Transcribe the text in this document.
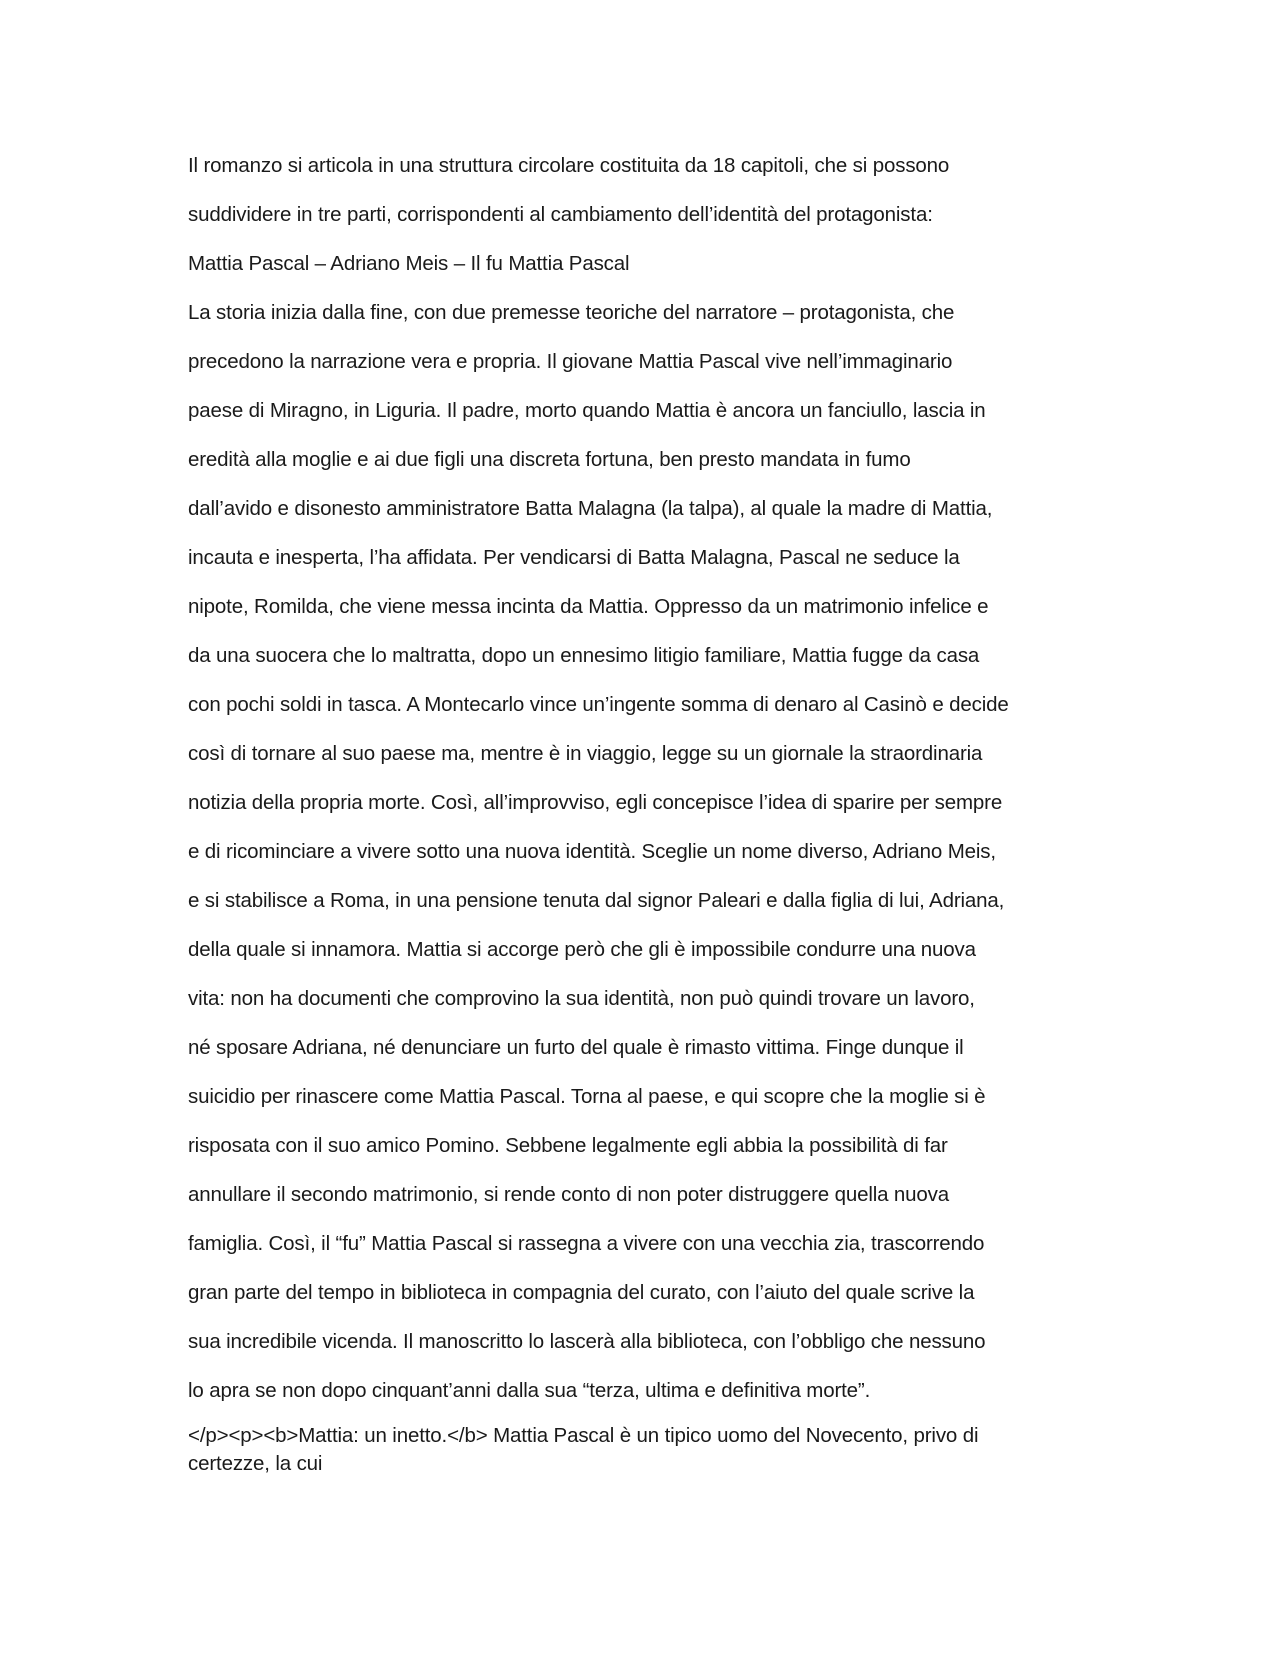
Il romanzo si articola in una struttura circolare costituita da 18 capitoli, che si possono
suddividere in tre parti, corrispondenti al cambiamento dell’identità del protagonista:
Mattia Pascal – Adriano Meis – Il fu Mattia Pascal
La storia inizia dalla fine, con due premesse teoriche del narratore – protagonista, che
precedono la narrazione vera e propria. Il giovane Mattia Pascal vive nell’immaginario
paese di Miragno, in Liguria. Il padre, morto quando Mattia è ancora un fanciullo, lascia in
eredità alla moglie e ai due figli una discreta fortuna, ben presto mandata in fumo
dall’avido e disonesto amministratore Batta Malagna (la talpa), al quale la madre di Mattia,
incauta e inesperta, l’ha affidata. Per vendicarsi di Batta Malagna, Pascal ne seduce la
nipote, Romilda, che viene messa incinta da Mattia. Oppresso da un matrimonio infelice e
da una suocera che lo maltratta, dopo un ennesimo litigio familiare, Mattia fugge da casa
con pochi soldi in tasca. A Montecarlo vince un’ingente somma di denaro al Casinò e decide
così di tornare al suo paese ma, mentre è in viaggio, legge su un giornale la straordinaria
notizia della propria morte. Così, all’improvviso, egli concepisce l’idea di sparire per sempre
e di ricominciare a vivere sotto una nuova identità. Sceglie un nome diverso, Adriano Meis,
e si stabilisce a Roma, in una pensione tenuta dal signor Paleari e dalla figlia di lui, Adriana,
della quale si innamora. Mattia si accorge però che gli è impossibile condurre una nuova
vita: non ha documenti che comprovino la sua identità, non può quindi trovare un lavoro,
né sposare Adriana, né denunciare un furto del quale è rimasto vittima. Finge dunque il
suicidio per rinascere come Mattia Pascal. Torna al paese, e qui scopre che la moglie si è
risposata con il suo amico Pomino. Sebbene legalmente egli abbia la possibilità di far
annullare il secondo matrimonio, si rende conto di non poter distruggere quella nuova
famiglia. Così, il “fu” Mattia Pascal si rassegna a vivere con una vecchia zia, trascorrendo
gran parte del tempo in biblioteca in compagnia del curato, con l’aiuto del quale scrive la
sua incredibile vicenda. Il manoscritto lo lascerà alla biblioteca, con l’obbligo che nessuno
lo apra se non dopo cinquant’anni dalla sua “terza, ultima e definitiva morte”.
</p><p><b>Mattia: un inetto.</b> Mattia Pascal è un tipico uomo del Novecento, privo di
certezze, la cui
